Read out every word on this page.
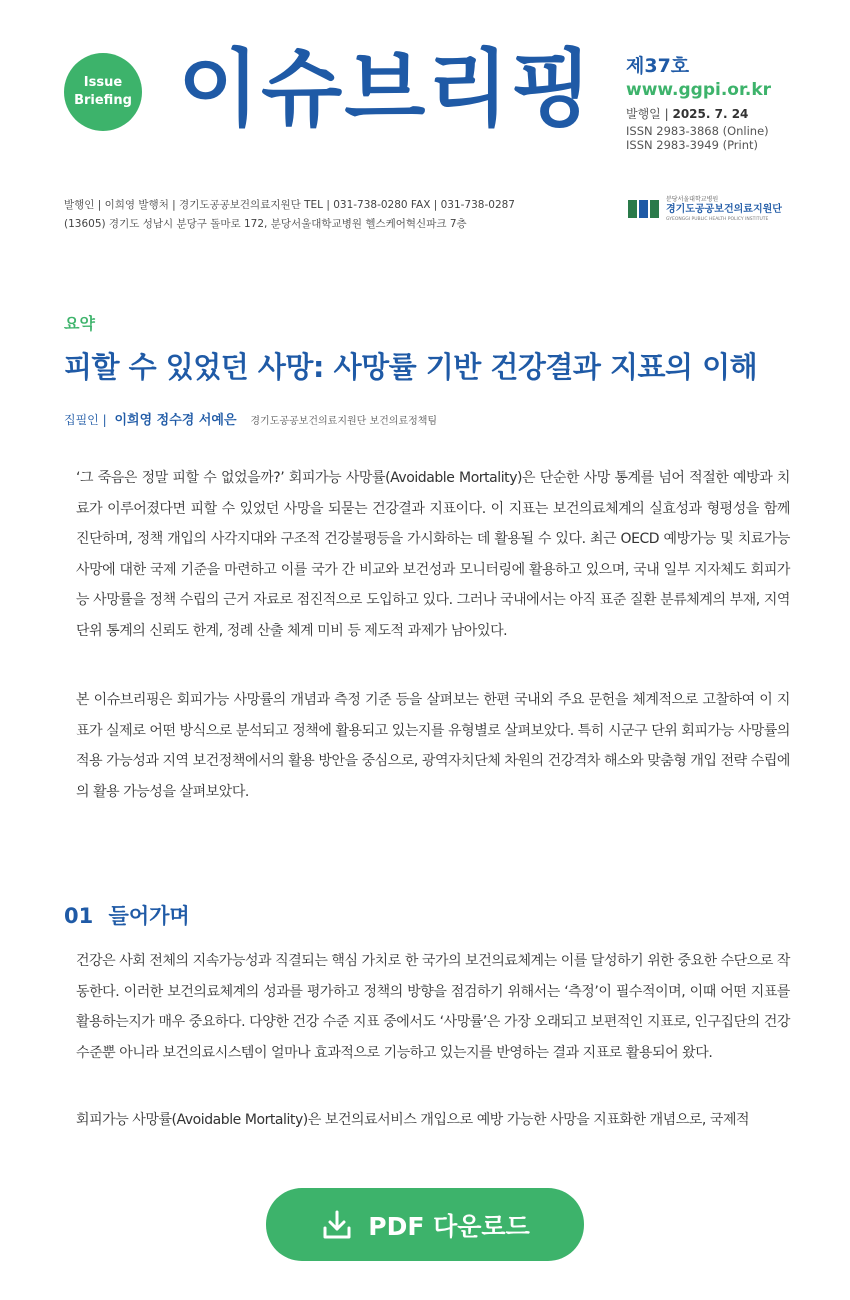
Issue
Briefing 이슈브리핑 제37호
www.ggpi.or.kr
발행일 | 2025. 7. 24
ISSN 2983-3868 (Online)
ISSN 2983-3949 (Print)
발행인 | 이희영 발행처 | 경기도공공보건의료지원단 TEL | 031-738-0280 FAX | 031-738-0287
(13605) 경기도 성남시 분당구 돌마로 172, 분당서울대학교병원 헬스케어혁신파크 7층
분당서울대학교병원
경기도공공보건의료지원단
GYEONGGI PUBLIC HEALTH POLICY INSTITUTE
요약
피할 수 있었던 사망: 사망률 기반 건강결과 지표의 이해
집필인 | 이희영 정수경 서예은 경기도공공보건의료지원단 보건의료정책팀

‘그 죽음은 정말 피할 수 없었을까?’ 회피가능 사망률(Avoidable Mortality)은 단순한 사망 통계를 넘어 적절한 예방과 치료가 이루어졌다면 피할 수 있었던 사망을 되묻는 건강결과 지표이다. 이 지표는 보건의료체계의 실효성과 형평성을 함께 진단하며, 정책 개입의 사각지대와 구조적 건강불평등을 가시화하는 데 활용될 수 있다. 최근 OECD 예방가능 및 치료가능 사망에 대한 국제 기준을 마련하고 이를 국가 간 비교와 보건성과 모니터링에 활용하고 있으며, 국내 일부 지자체도 회피가능 사망률을 정책 수립의 근거 자료로 점진적으로 도입하고 있다. 그러나 국내에서는 아직 표준 질환 분류체계의 부재, 지역 단위 통계의 신뢰도 한계, 정례 산출 체계 미비 등 제도적 과제가 남아있다.

본 이슈브리핑은 회피가능 사망률의 개념과 측정 기준 등을 살펴보는 한편 국내외 주요 문헌을 체계적으로 고찰하여 이 지표가 실제로 어떤 방식으로 분석되고 정책에 활용되고 있는지를 유형별로 살펴보았다. 특히 시군구 단위 회피가능 사망률의 적용 가능성과 지역 보건정책에서의 활용 방안을 중심으로, 광역자치단체 차원의 건강격차 해소와 맞춤형 개입 전략 수립에의 활용 가능성을 살펴보았다.

01 들어가며

건강은 사회 전체의 지속가능성과 직결되는 핵심 가치로 한 국가의 보건의료체계는 이를 달성하기 위한 중요한 수단으로 작동한다. 이러한 보건의료체계의 성과를 평가하고 정책의 방향을 점검하기 위해서는 ‘측정’이 필수적이며, 이때 어떤 지표를 활용하는지가 매우 중요하다. 다양한 건강 수준 지표 중에서도 ‘사망률’은 가장 오래되고 보편적인 지표로, 인구집단의 건강 수준뿐 아니라 보건의료시스템이 얼마나 효과적으로 기능하고 있는지를 반영하는 결과 지표로 활용되어 왔다.

회피가능 사망률(Avoidable Mortality)은 보건의료서비스 개입으로 예방 가능한 사망을 지표화한 개념으로, 국제적

PDF 다운로드
